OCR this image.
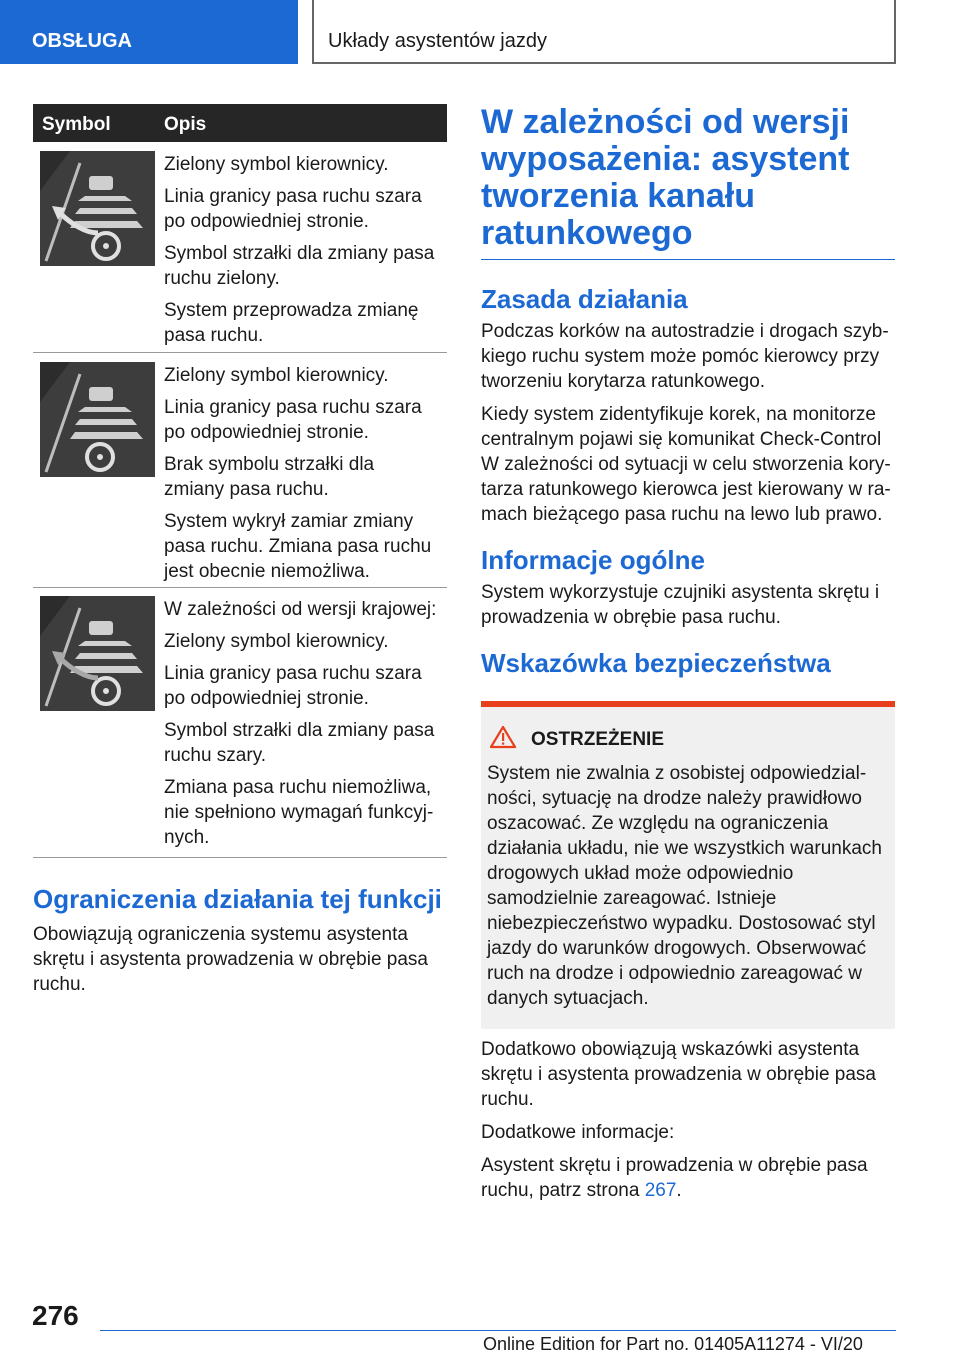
OBSŁUGA	Układy asystentów jazdy
Symbol	Opis

Zielony symbol kierownicy.

Linia granicy pasa ruchu szara po odpowiedniej stronie.

Symbol strzałki dla zmiany pasa ruchu zielony.

System przeprowadza zmianę pasa ruchu.

Zielony symbol kierownicy.

Linia granicy pasa ruchu szara po odpowiedniej stronie.

Brak symbolu strzałki dla zmiany pasa ruchu.

System wykrył zamiar zmiany pasa ruchu. Zmiana pasa ruchu jest obecnie niemożliwa.

W zależności od wersji krajowej:

Zielony symbol kierownicy.

Linia granicy pasa ruchu szara po odpowiedniej stronie.

Symbol strzałki dla zmiany pasa ruchu szary.

Zmiana pasa ruchu niemożliwa, nie spełniono wymagań funkcyjnych.

Ograniczenia działania tej funkcji
Obowiązują ograniczenia systemu asystenta skrętu i asystenta prowadzenia w obrębie pasa ruchu.
W zależności od wersji wyposażenia: asystent tworzenia kanału ratunkowego
Zasada działania

Podczas korków na autostradzie i drogach szybkiego ruchu system może pomóc kierowcy przy tworzeniu korytarza ratunkowego.

Kiedy system zidentyfikuje korek, na monitorze centralnym pojawi się komunikat Check-Control W zależności od sytuacji w celu stworzenia korytarza ratunkowego kierowca jest kierowany w ramach bieżącego pasa ruchu na lewo lub prawo.

Informacje ogólne

System wykorzystuje czujniki asystenta skrętu i prowadzenia w obrębie pasa ruchu.

Wskazówka bezpieczeństwa
OSTRZEŻENIE

System nie zwalnia z osobistej odpowiedzialności, sytuację na drodze należy prawidłowo oszacować. Ze względu na ograniczenia działania układu, nie we wszystkich warunkach drogowych układ może odpowiednio samodzielnie zareagować. Istnieje niebezpieczeństwo wypadku. Dostosować styl jazdy do warunków drogowych. Obserwować ruch na drodze i odpowiednio zareagować w danych sytuacjach.

Dodatkowo obowiązują wskazówki asystenta skrętu i asystenta prowadzenia w obrębie pasa ruchu.

Dodatkowe informacje:

Asystent skrętu i prowadzenia w obrębie pasa ruchu, patrz strona 267.

276
Online Edition for Part no. 01405A11274 - VI/20
